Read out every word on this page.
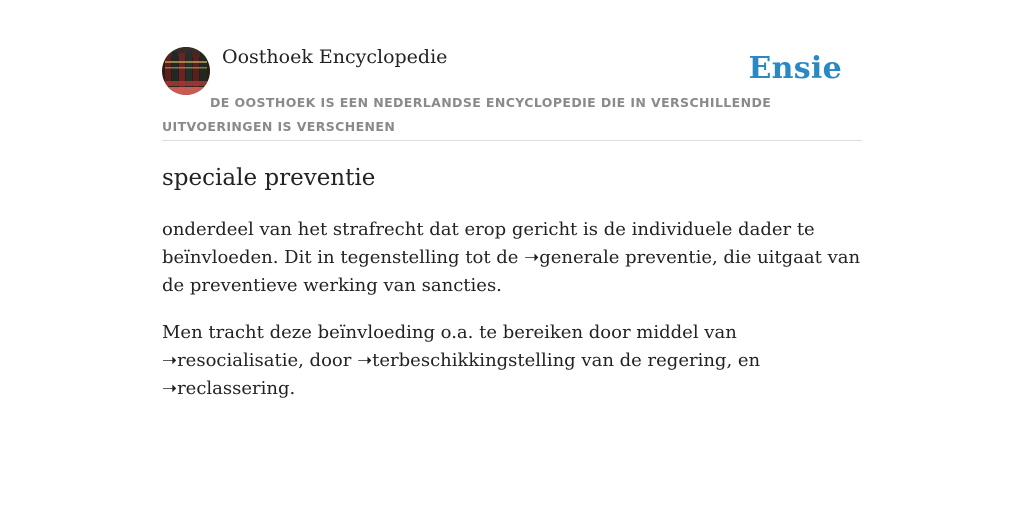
Oosthoek Encyclopedie	Ensie

DE OOSTHOEK IS EEN NEDERLANDSE ENCYCLOPEDIE DIE IN VERSCHILLENDE UITVOERINGEN IS VERSCHENEN

speciale preventie

onderdeel van het strafrecht dat erop gericht is de individuele dader te beïnvloeden. Dit in tegenstelling tot de ➝generale preventie, die uitgaat van de preventieve werking van sancties.

Men tracht deze beïnvloeding o.a. te bereiken door middel van ➝resocialisatie, door ➝terbeschikkingstelling van de regering, en ➝reclassering.
